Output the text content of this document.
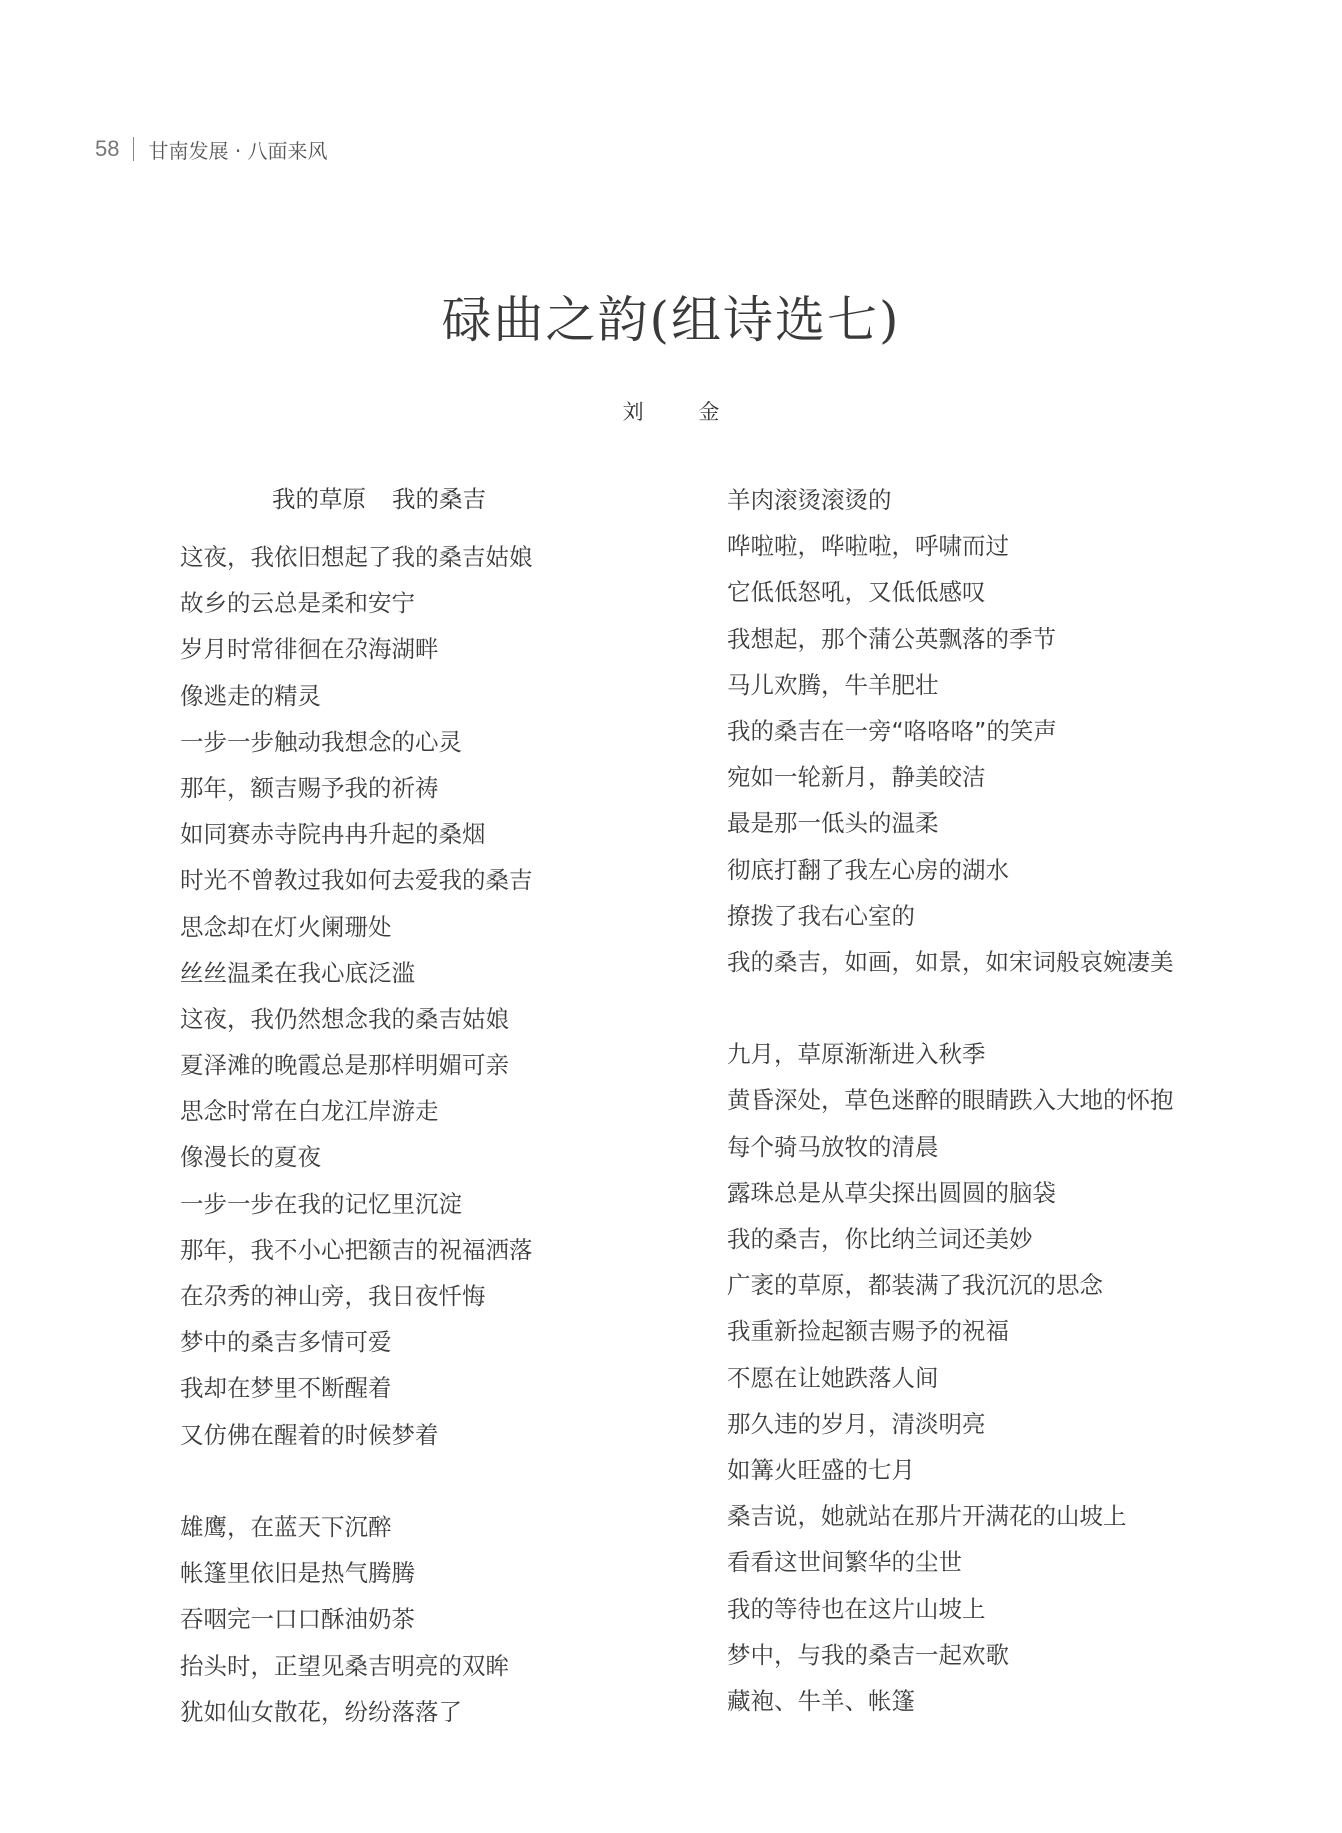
58 甘南发展 · 八面来风
碌曲之韵(组诗选七)
刘 金
我的草原 我的桑吉
这夜，我依旧想起了我的桑吉姑娘
故乡的云总是柔和安宁
岁月时常徘徊在尕海湖畔
像逃走的精灵
一步一步触动我想念的心灵
那年，额吉赐予我的祈祷
如同赛赤寺院冉冉升起的桑烟
时光不曾教过我如何去爱我的桑吉
思念却在灯火阑珊处
丝丝温柔在我心底泛滥
这夜，我仍然想念我的桑吉姑娘
夏泽滩的晚霞总是那样明媚可亲
思念时常在白龙江岸游走
像漫长的夏夜
一步一步在我的记忆里沉淀
那年，我不小心把额吉的祝福洒落
在尕秀的神山旁，我日夜忏悔
梦中的桑吉多情可爱
我却在梦里不断醒着
又仿佛在醒着的时候梦着
雄鹰，在蓝天下沉醉
帐篷里依旧是热气腾腾
吞咽完一口口酥油奶茶
抬头时，正望见桑吉明亮的双眸
犹如仙女散花，纷纷落落了
羊肉滚烫滚烫的
哗啦啦，哗啦啦，呼啸而过
它低低怒吼，又低低感叹
我想起，那个蒲公英飘落的季节
马儿欢腾，牛羊肥壮
我的桑吉在一旁“咯咯咯”的笑声
宛如一轮新月，静美皎洁
最是那一低头的温柔
彻底打翻了我左心房的湖水
撩拨了我右心室的
我的桑吉，如画，如景，如宋词般哀婉凄美
九月，草原渐渐进入秋季
黄昏深处，草色迷醉的眼睛跌入大地的怀抱
每个骑马放牧的清晨
露珠总是从草尖探出圆圆的脑袋
我的桑吉，你比纳兰词还美妙
广袤的草原，都装满了我沉沉的思念
我重新捡起额吉赐予的祝福
不愿在让她跌落人间
那久违的岁月，清淡明亮
如篝火旺盛的七月
桑吉说，她就站在那片开满花的山坡上
看看这世间繁华的尘世
我的等待也在这片山坡上
梦中，与我的桑吉一起欢歌
藏袍、牛羊、帐篷
